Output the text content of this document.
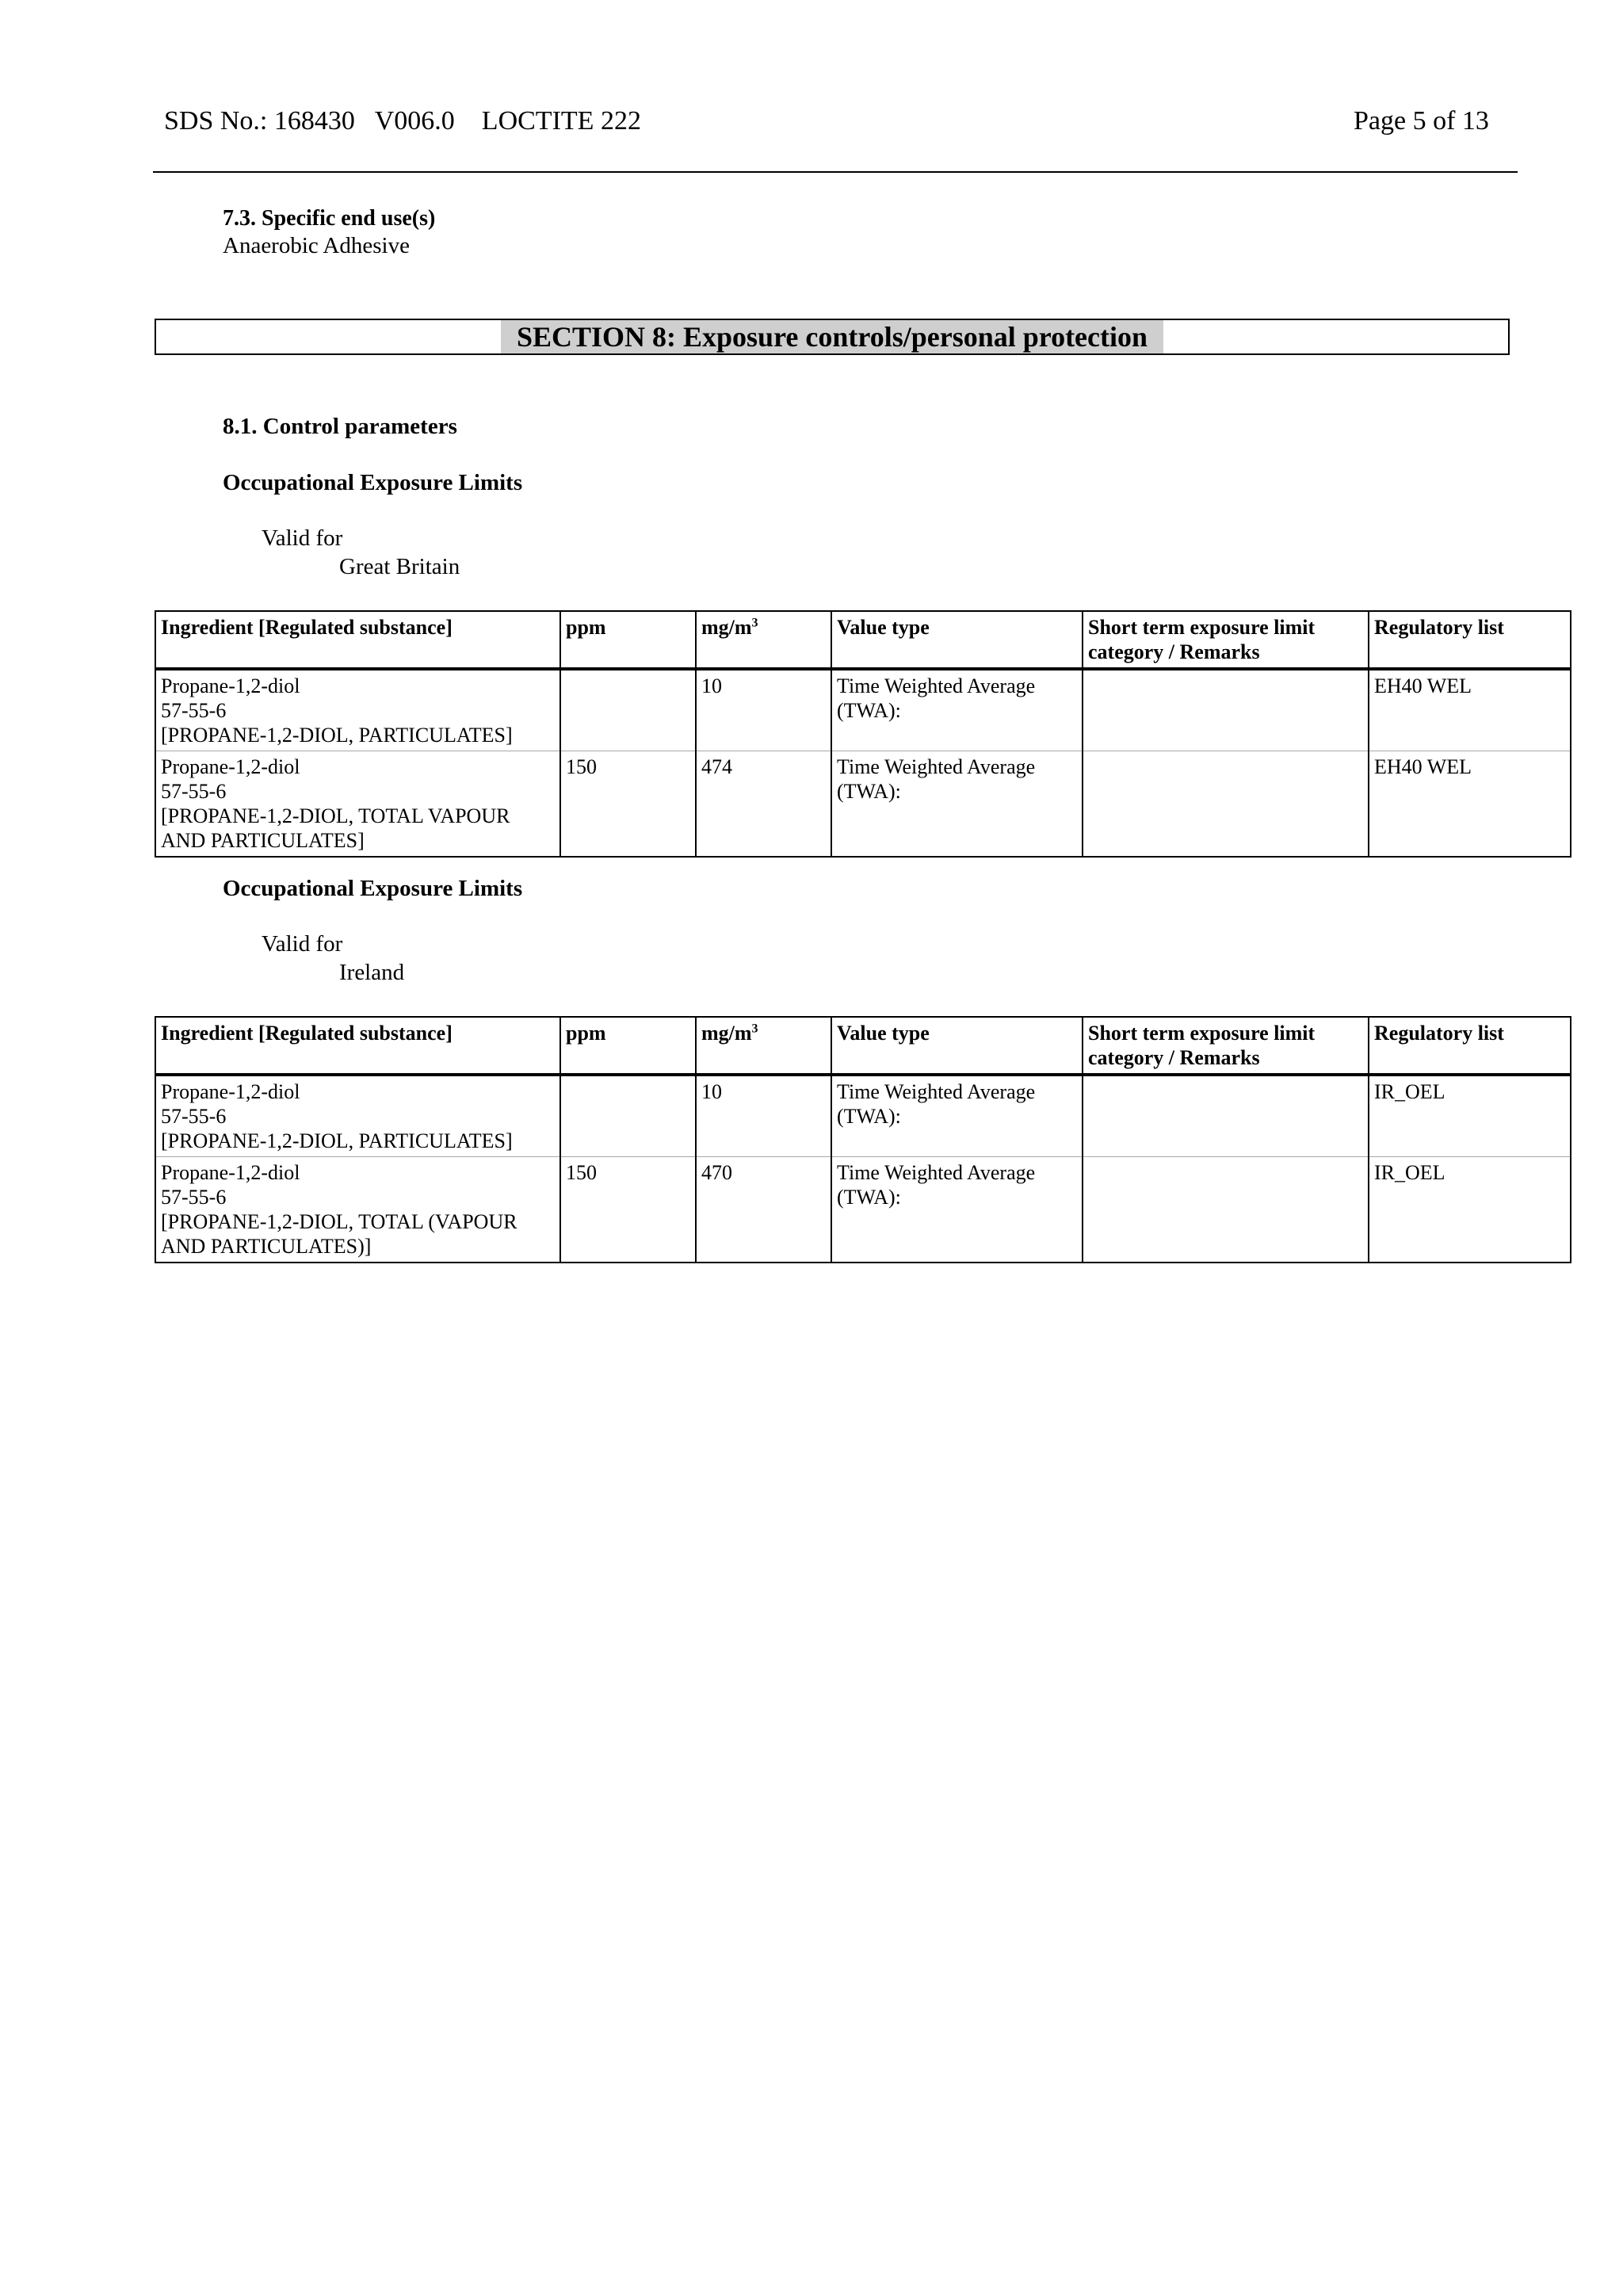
SDS No.: 168430   V006.0    LOCTITE 222	Page 5 of 13
7.3. Specific end use(s)
Anaerobic Adhesive
SECTION 8: Exposure controls/personal protection
8.1. Control parameters
Occupational Exposure Limits
Valid for
Great Britain
Ingredient [Regulated substance]	ppm	$mg/m^3$	Value type	Short term exposure limit category / Remarks	Regulatory list

Propane-1,2-diol
57-55-6
[PROPANE-1,2-DIOL, PARTICULATES]		10	Time Weighted Average (TWA):		EH40 WEL

Propane-1,2-diol
57-55-6
[PROPANE-1,2-DIOL, TOTAL VAPOUR AND PARTICULATES]	150	474	Time Weighted Average (TWA):		EH40 WEL
Occupational Exposure Limits
Valid for
Ireland
Ingredient [Regulated substance]	ppm	$mg/m^3$	Value type	Short term exposure limit category / Remarks	Regulatory list

Propane-1,2-diol
57-55-6
[PROPANE-1,2-DIOL, PARTICULATES]		10	Time Weighted Average (TWA):		IR_OEL

Propane-1,2-diol
57-55-6
[PROPANE-1,2-DIOL, TOTAL (VAPOUR AND PARTICULATES)]	150	470	Time Weighted Average (TWA):		IR_OEL
